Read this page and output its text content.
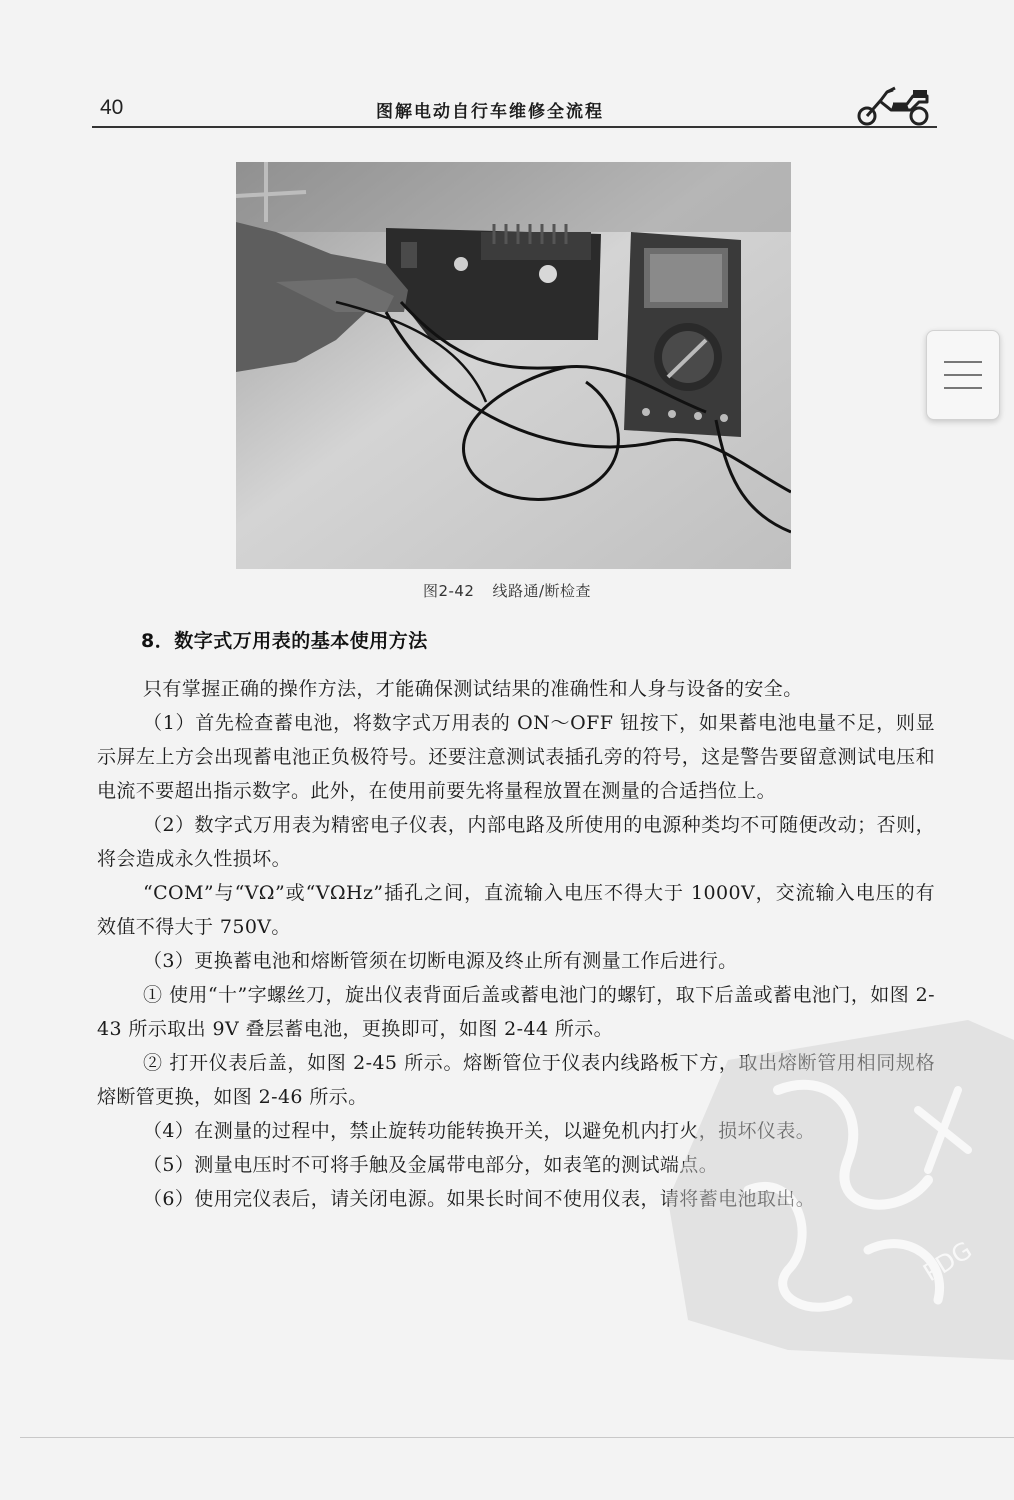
40	图解电动自行车维修全流程
图2-42 线路通/断检查
8．数字式万用表的基本使用方法

只有掌握正确的操作方法，才能确保测试结果的准确性和人身与设备的安全。

（1）首先检查蓄电池，将数字式万用表的 ON～OFF 钮按下，如果蓄电池电量不足，则显示屏左上方会出现蓄电池正负极符号。还要注意测试表插孔旁的符号，这是警告要留意测试电压和电流不要超出指示数字。此外，在使用前要先将量程放置在测量的合适挡位上。

（2）数字式万用表为精密电子仪表，内部电路及所使用的电源种类均不可随便改动；否则，将会造成永久性损坏。

“COM”与“VΩ”或“VΩHz”插孔之间，直流输入电压不得大于 1000V，交流输入电压的有效值不得大于 750V。

（3）更换蓄电池和熔断管须在切断电源及终止所有测量工作后进行。

① 使用“十”字螺丝刀，旋出仪表背面后盖或蓄电池门的螺钉，取下后盖或蓄电池门，如图 2-43 所示取出 9V 叠层蓄电池，更换即可，如图 2-44 所示。

② 打开仪表后盖，如图 2-45 所示。熔断管位于仪表内线路板下方，取出熔断管用相同规格熔断管更换，如图 2-46 所示。

（4）在测量的过程中，禁止旋转功能转换开关，以避免机内打火，损坏仪表。

（5）测量电压时不可将手触及金属带电部分，如表笔的测试端点。

（6）使用完仪表后，请关闭电源。如果长时间不使用仪表，请将蓄电池取出。

PDG
